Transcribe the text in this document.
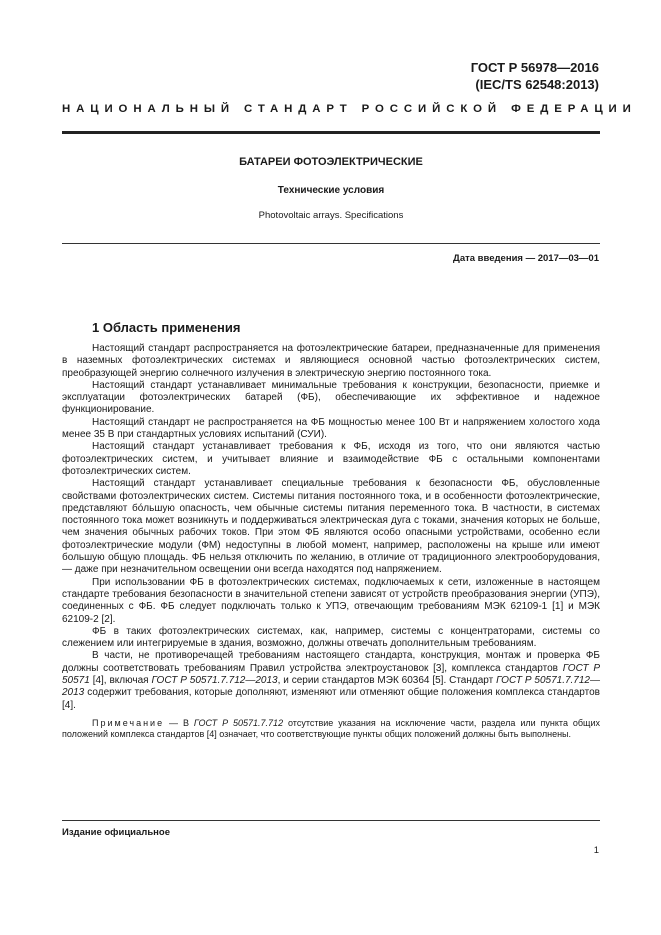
ГОСТ Р 56978—2016
(IEC/TS 62548:2013)
НАЦИОНАЛЬНЫЙ СТАНДАРТ РОССИЙСКОЙ ФЕДЕРАЦИИ
БАТАРЕИ ФОТОЭЛЕКТРИЧЕСКИЕ
Технические условия
Photovoltaic arrays. Specifications
Дата введения — 2017—03—01
1 Область применения

Настоящий стандарт распространяется на фотоэлектрические батареи, предназначенные для применения в наземных фотоэлектрических системах и являющиеся основной частью фотоэлектрических систем, преобразующей энергию солнечного излучения в электрическую энергию постоянного тока.

Настоящий стандарт устанавливает минимальные требования к конструкции, безопасности, приемке и эксплуатации фотоэлектрических батарей (ФБ), обеспечивающие их эффективное и надежное функционирование.

Настоящий стандарт не распространяется на ФБ мощностью менее 100 Вт и напряжением холостого хода менее 35 В при стандартных условиях испытаний (СУИ).

Настоящий стандарт устанавливает требования к ФБ, исходя из того, что они являются частью фотоэлектрических систем, и учитывает влияние и взаимодействие ФБ с остальными компонентами фотоэлектрических систем.

Настоящий стандарт устанавливает специальные требования к безопасности ФБ, обусловленные свойствами фотоэлектрических систем. Системы питания постоянного тока, и в особенности фотоэлектрические, представляют бо́льшую опасность, чем обычные системы питания переменного тока. В частности, в системах постоянного тока может возникнуть и поддерживаться электрическая дуга с токами, значения которых не больше, чем значения обычных рабочих токов. При этом ФБ являются особо опасными устройствами, особенно если фотоэлектрические модули (ФМ) недоступны в любой момент, например, расположены на крыше или имеют большую общую площадь. ФБ нельзя отключить по желанию, в отличие от традиционного электрооборудования, — даже при незначительном освещении они всегда находятся под напряжением.

При использовании ФБ в фотоэлектрических системах, подключаемых к сети, изложенные в настоящем стандарте требования безопасности в значительной степени зависят от устройств преобразования энергии (УПЭ), соединенных с ФБ. ФБ следует подключать только к УПЭ, отвечающим требованиям МЭК 62109-1 [1] и МЭК 62109-2 [2].

ФБ в таких фотоэлектрических системах, как, например, системы с концентраторами, системы со слежением или интегрируемые в здания, возможно, должны отвечать дополнительным требованиям.

В части, не противоречащей требованиям настоящего стандарта, конструкция, монтаж и проверка ФБ должны соответствовать требованиям Правил устройства электроустановок [3], комплекса стандартов ГОСТ Р 50571 [4], включая ГОСТ Р 50571.7.712—2013, и серии стандартов МЭК 60364 [5]. Стандарт ГОСТ Р 50571.7.712—2013 содержит требования, которые дополняют, изменяют или отменяют общие положения комплекса стандартов [4].

Примечание — В ГОСТ Р 50571.7.712 отсутствие указания на исключение части, раздела или пункта общих положений комплекса стандартов [4] означает, что соответствующие пункты общих положений должны быть выполнены.

Издание официальное
1
